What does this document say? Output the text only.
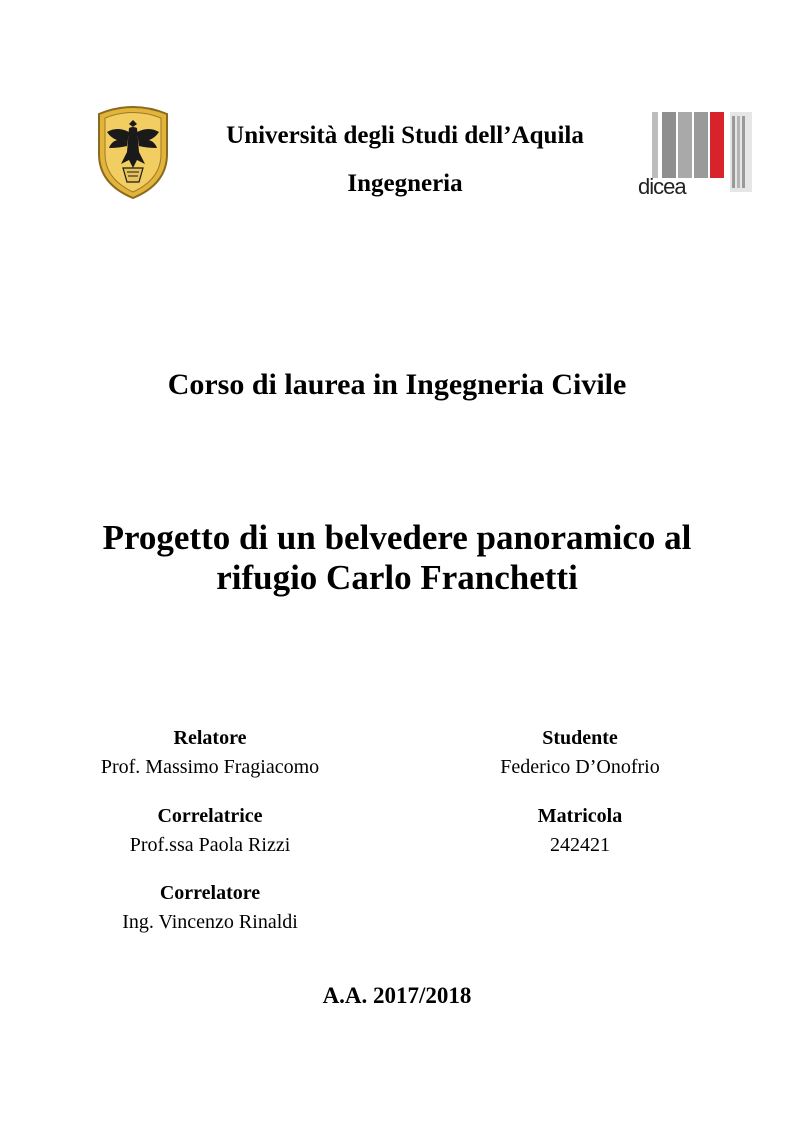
Università degli Studi dell’Aquila
Ingegneria	dicea
Corso di laurea in Ingegneria Civile
Progetto di un belvedere panoramico al
rifugio Carlo Franchetti
Relatore
Prof. Massimo Fragiacomo
Correlatrice
Prof.ssa Paola Rizzi
Correlatore
Ing. Vincenzo Rinaldi
Studente
Federico D’Onofrio
Matricola
242421
A.A. 2017/2018
